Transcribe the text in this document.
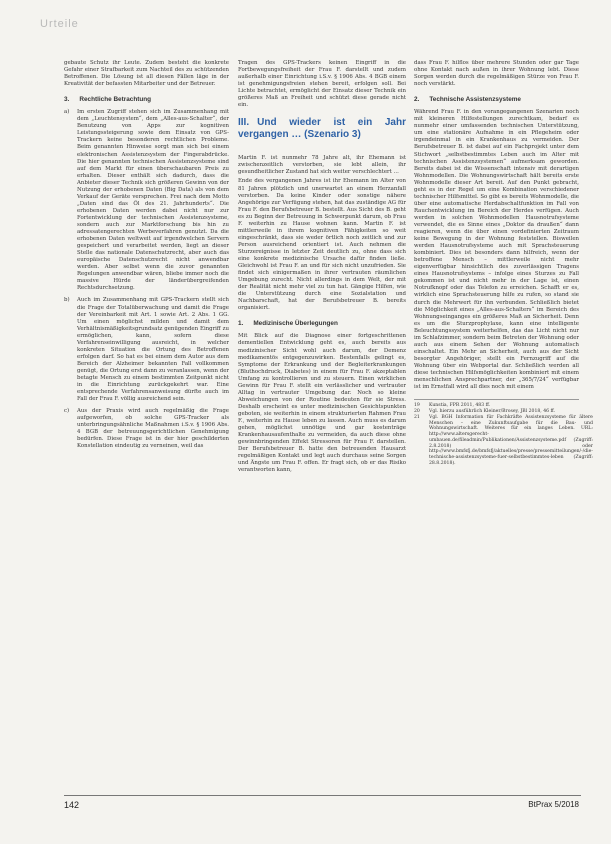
Urteile

gebaute Schutz ihr Leute. Zudem besteht die konkrete Gefahr einer Strafbarkeit zum Nachteil des zu schützenden Betroffenen. Die Lösung ist all diesen Fällen läge in der Kreativität der befassten Mitarbeiter und der Betreuer.

3. Rechtliche Betrachtung
a)	Im ersten Zugriff stehen sich im Zusammenhang mit dem „Leuchtensystem“, dem „Alles-aus-Schalter“, der Benutzung von Apps zur kognitiven Leistungssteigerung sowie dem Einsatz von GPS-Trackern keine besonderen rechtlichen Probleme. Beim genannten Hinweise sorgt man sich bei einem elektronischen Assistenzsystem der Fingerabdrücke. Die hier genannten technischen Assistenzsysteme sind auf dem Markt für einen überschaubaren Preis zu erhalten. Dieser enthält sich dadurch, dass die Anbieter dieser Technik sich größeren Gewinn von der Nutzung der erhobenen Daten (Big Data) als von dem Verkauf der Geräte versprechen. Frei nach dem Motto „Daten sind das Öl des 21. Jahrhunderts“. Die erhobenen Daten werden dabei nicht nur zur Fortentwicklung der technischen Assistenzsysteme, sondern auch zur Marktforschung bis hin zu adressatengerechten Werbeverfahren genutzt. Da die erhobenen Daten weltweit auf irgendwelchen Servern gespeichert und verarbeitet werden, liegt an dieser Stelle das nationale Datenschutzrecht, aber auch das europäische Datenschutzrecht nicht anwendbar werden. Aber selbst wenn die zuvor genannten Regelungen anwendbar wären, bliebe immer noch die massive Hürde der länderübergreifenden Rechtsdurchsetzung.
b) Auch im Zusammenhang mit GPS-Trackern stellt sich die Frage der Totalüberwachung und damit die Frage der Vereinbarkeit mit Art. 1 sowie Art. 2 Abs. 1 GG. Um einen möglichst milden und damit dem Verhältnismäßigkeitsgrundsatz genügenden Eingriff zu ermöglichen, kann, sofern diese Verfahrenseinwilligung ausreicht, in welcher konkreten Situation die Ortung des Betroffenen erfolgen darf. So hat es bei einem dem Autor aus dem Bereich der Alzheimer bekannten Fall vollkommen genügt, die Ortung erst dann zu veranlassen, wenn der betagte Mensch zu einem bestimmten Zeitpunkt nicht in die Einrichtung zurückgekehrt war. Eine entsprechende Verfahrensanweisung dürfte auch im Fall der Frau F. völlig ausreichend sein.
c)	Aus der Praxis wird auch regelmäßig die Frage aufgeworfen, ob solche GPS-Tracker als unterbringungsähnliche Maßnahmen i.S.v. § 1906 Abs. 4 BGB der betreuungsgerichtlichen Genehmigung bedürfen. Diese Frage ist in der hier geschilderten Konstellation eindeutig zu verneinen, weil das

Tragen des GPS-Trackers keinen Eingriff in die Fortbewegungsfreiheit der Frau F. darstellt und zudem außerhalb einer Einrichtung i.S.v. § 1906 Abs. 4 BGB einem ist genehmigungsfreien stehen bereit, erfolgen soll. Bei Lichte betrachtet, ermöglicht der Einsatz dieser Technik ein größeres Maß an Freiheit und schützt diese gerade nicht ein.

III. Und wieder ist ein Jahr vergangen … (Szenario 3)

Martin F. ist nunmehr 78 Jahre alt, ihr Ehemann ist zwischenzeitlich verstorben, sie lebt allein, ihr gesundheitlicher Zustand hat sich weiter verschlechtert …

Ende des vergangenen Jahres ist ihr Ehemann im Alter von 81 Jahren plötzlich und unerwartet an einem Herzanfall verstorben. Da keine Kinder oder sonstige nähere Angehörige zur Verfügung stehen, hat das zuständige AG für Frau F. den Berufsbetreuer B. bestellt. Aus Sicht des B. geht es zu Beginn der Betreuung in Schwerpunkt darum, ob Frau F. weiterhin zu Hause wohnen kann. Martin F. ist mittlerweile in ihrem kognitiven Fähigkeiten so weit eingeschränkt, dass sie weder örtlich noch zeitlich und zur Person ausreichend orientiert ist. Auch nehmen die Sturzereignisse in letzter Zeit deutlich zu, ohne dass sich eine konkrete medizinische Ursache dafür finden ließe. Gleichwohl ist Frau F. an und für sich nicht unzufrieden. Sie findet sich einigermaßen in ihrer vertrauten räumlichen Umgebung zurecht. Nicht allerdings in dem Welt, der mit der Realität nicht mehr viel zu tun hat. Gängige Hilfen, wie die Unterstützung durch eine Sozialstation und Nachbarschaft, hat der Berufsbetreuer B. bereits organisiert.

1. Medizinische Überlegungen

Mit Blick auf die Diagnose einer fortgeschrittenen dementiellen Entwicklung geht es, auch bereits aus medizinischer Sicht wohl auch darum, der Demenz medikamentös entgegenzuwirken. Bestenfalls gelingt es, Symptome der Erkrankung und der Begleiterkrankungen (Bluthochdruck, Diabetes) in einem für Frau F. akzeptablen Umfang zu kontrollieren und zu steuern. Einen wirklichen Gewinn für Frau F. stellt ein verlässlicher und vertrauter Alltag in vertrauter Umgebung dar. Noch so kleine Abweichungen von der Routine bedeuten für sie Stress. Deshalb erscheint es unter medizinischen Gesichtspunkten geboten, sie weiterhin in einem strukturierten Rahmen Frau F., weiterhin zu Hause leben zu lassen. Auch muss es darum gehen, möglichst unnötige und gar kostenträge Krankenhausaufenthalte zu vermeiden, da auch diese ohne gewinnbringenden Effekt Stressoren für Frau F. darstellen. Der Berufsbetreuer B. hatte den betreuenden Hausarzt regelmäßigen Kontakt und legt auch durchaus seine Sorgen und Ängste um Frau F. offen. Er fragt sich, ob er das Risiko verantworten kann,

dass Frau F. hilflos über mehrere Stunden oder gar Tage ohne Kontakt nach außen in ihrer Wohnung lebt. Diese Sorgen werden durch die regelmäßigen Stürze von Frau F. noch verstärkt.

2. Technische Assistenzsysteme

Während Frau F. in den vorangegangenen Szenarien noch mit kleineren Hilfestellungen zurechtkam, bedarf es nunmehr einer umfassenden technischen Unterstützung, um eine stationäre Aufnahme in ein Pflegeheim oder irgendeinmal in ein Krankenhaus zu vermeiden. Der Berufsbetreuer B. ist dabei auf ein Fachprojekt unter dem Stichwort „selbstbestimmtes Leben auch im Alter mit technischen Assistenzsystemen“ aufmerksam geworden. Bereits dabei ist die Wissenschaft intensiv mit derartigen Wohnmodellen. Die Wohnungswirtschaft hält bereits erste Wohnmodelle dieser Art bereit. Auf den Punkt gebracht, geht es in der Regel um eine Kombination verschiedener technischer Hilfsmittel. So gibt es bereits Wohnmodelle, die über eine automatische Herdabschaltfunktion im Fall von Rauchentwicklung im Bereich der Herdes verfügen. Auch werden in solchen Wohnmodellen Hausnotrufsysteme verwendet, die es Sinne eines „Doktor da draußen“ dann reagieren, wenn die über einen vordefinierten Zeitraum keine Bewegung in der Wohnung feststellen. Bisweilen werden Hausnotrufsysteme auch mit Sprachsteuerung kombiniert. Dies ist besonders dann hilfreich, wenn der betroffene Mensch – mittlerweile nicht mehr eigenverfügbar hinsichtlich des zuverlässigen Tragens eines Hausnotrufsystems – infolge eines Sturzes zu Fall gekommen ist und nicht mehr in der Lage ist, einen Notrufknopf oder das Telefon zu erreichen. Schafft er es, wirklich eine Sprachsteuerung hilfe zu rufen, so stand sie durch die Mehrwert für ihn verbunden. Schließlich bietet die Möglichkeit eines „Alles-aus-Schalters“ im Bereich des Wohnungseinganges ein größeres Maß an Sicherheit. Denn es um die Sturzprophylaxe, kann eine intelligente Beleuchtungssystem weiterhelfen, das das Licht nicht nur im Schlafzimmer, sondern beim Betreten der Wohnung oder auch aus einem Sehen der Wohnung automatisch einschaltet. Ein Mehr an Sicherheit, auch aus der Sicht besorgter Angehöriger, stellt ein Fernzugriff auf die Wohnung über ein Webportal dar. Schließlich werden all diese technischen Hilfsmöglichkeiten kombiniert mit einem menschlichen Ansprechpartner, der „365/7/24“ verfügbar ist im Ernstfall wird all dies noch mit einem

19	Kunstia, FPR 2011, 483 ff.
20	Vgl. hierzu ausführlich Kleiner/Brosey, JBl 2018, 46 ff.
21	Vgl. BGH Information für Fachkräfte Assistenzsysteme für ältere Menschen – eine Zukunftsaufgabe für die Bau- und Wohnungswirtschaft. Weiteres für ein langes Leben. URL: http://www.altersgerecht-umbauen.de/fileadmin/Publikationen/Assistenzsysteme.pdf (Zugriff: 2.8.2018) oder http://www.bmfsfj.de/bmfsfj/aktuelles/presse/pressemitteilungen/-/die-technische-assistenzsysteme-fuer-selbstbestimmtes-leben (Zugriff: 28.8.2018).
142	BtPrax 5/2018
